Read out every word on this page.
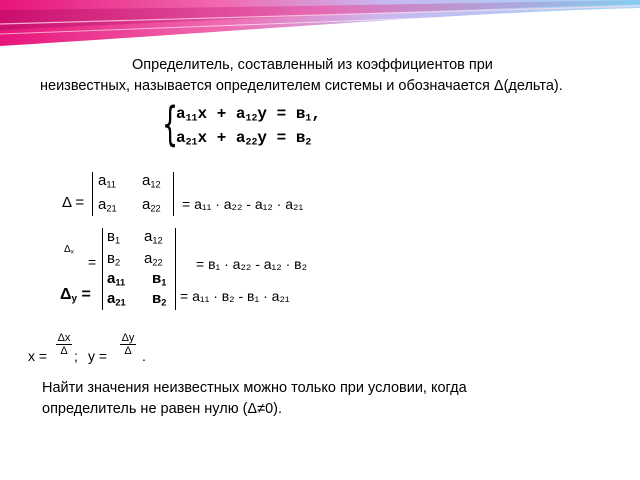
Определитель, составленный из коэффициентов при
неизвестных, называется определителем системы и обозначается Δ(дельта).
{
$a_{11}x + a_{12}y = в_1$,
$a_{21}x + a_{22}y = в_2$
Δ =
$a_{11}$ $a_{12}$
$a_{21}$ $a_{22} = a_{11} \cdot a_{22} - a_{12} \cdot a_{21}$
$\Delta_x$
=
$в_1$ $a_{12}$
$в_2$ $a_{22} = в_1 \cdot a_{22} - a_{12} \cdot в_2$
$\Delta_у$ =
$a_{11}$ $в_1$
$a_{21}$ $в_2 = a_{11} \cdot в_2 - в_1 \cdot a_{21}$
$x = \frac{\Delta x}{\Delta}$ ; у =
Δу
Δ .
Найти значения неизвестных можно только при условии, когда
определитель не равен нулю (Δ≠0).
